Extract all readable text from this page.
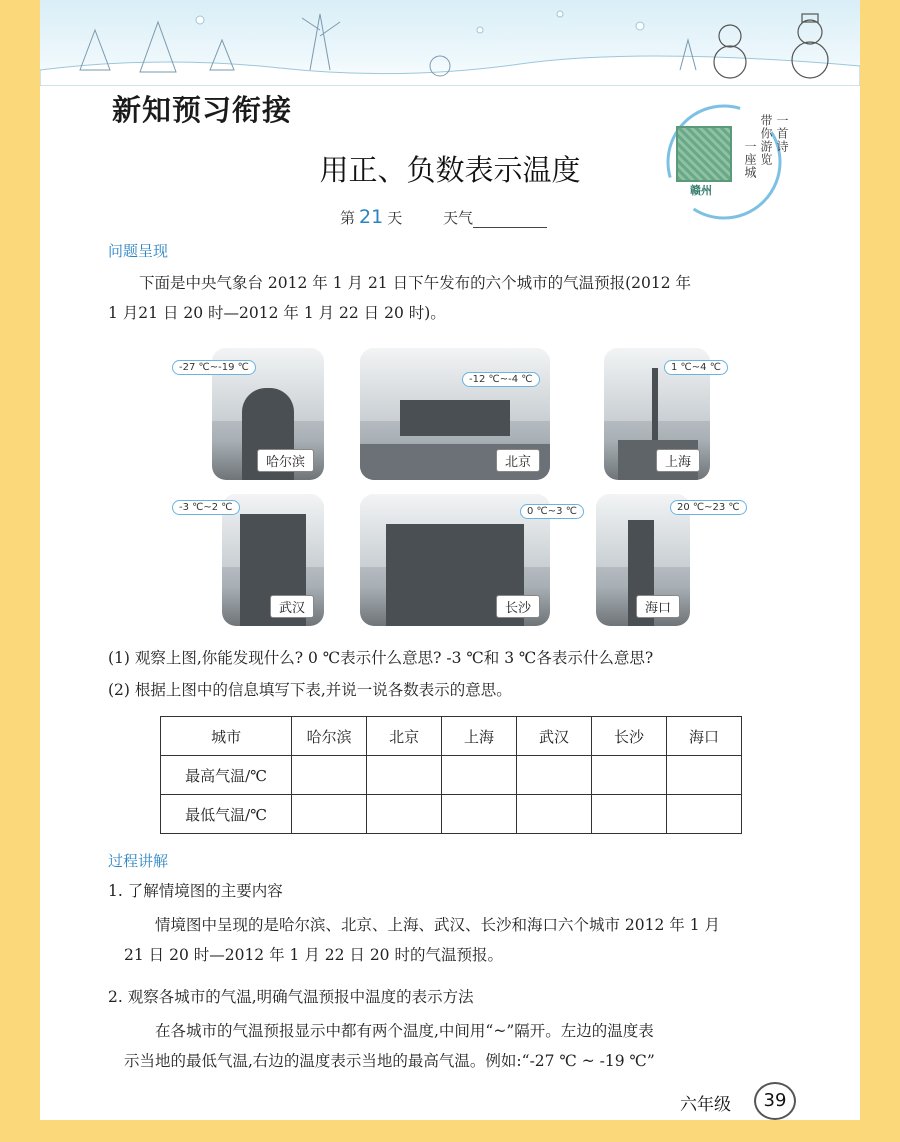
新知预习衔接
赣州
一首诗
带你游览
一座城
用正、负数表示温度
第 21 天	天气
问题呈现
下面是中央气象台 2012 年 1 月 21 日下午发布的六个城市的气温预报(2012 年
1 月21 日 20 时—2012 年 1 月 22 日 20 时)。
哈尔滨
-27 ℃~-19 ℃
北京
-12 ℃~-4 ℃
上海
1 ℃~4 ℃
武汉
-3 ℃~2 ℃
长沙
0 ℃~3 ℃
海口
20 ℃~23 ℃
(1) 观察上图,你能发现什么? 0 ℃表示什么意思? -3 ℃和 3 ℃各表示什么意思?
(2) 根据上图中的信息填写下表,并说一说各数表示的意思。
城市	哈尔滨	北京	上海	武汉	长沙	海口
最高气温/℃						
最低气温/℃						
过程讲解
1. 了解情境图的主要内容
情境图中呈现的是哈尔滨、北京、上海、武汉、长沙和海口六个城市 2012 年 1 月
21 日 20 时—2012 年 1 月 22 日 20 时的气温预报。
2. 观察各城市的气温,明确气温预报中温度的表示方法
在各城市的气温预报显示中都有两个温度,中间用“~”隔开。左边的温度表
示当地的最低气温,右边的温度表示当地的最高气温。例如:“-27 ℃ ~ -19 ℃”
六年级	39
